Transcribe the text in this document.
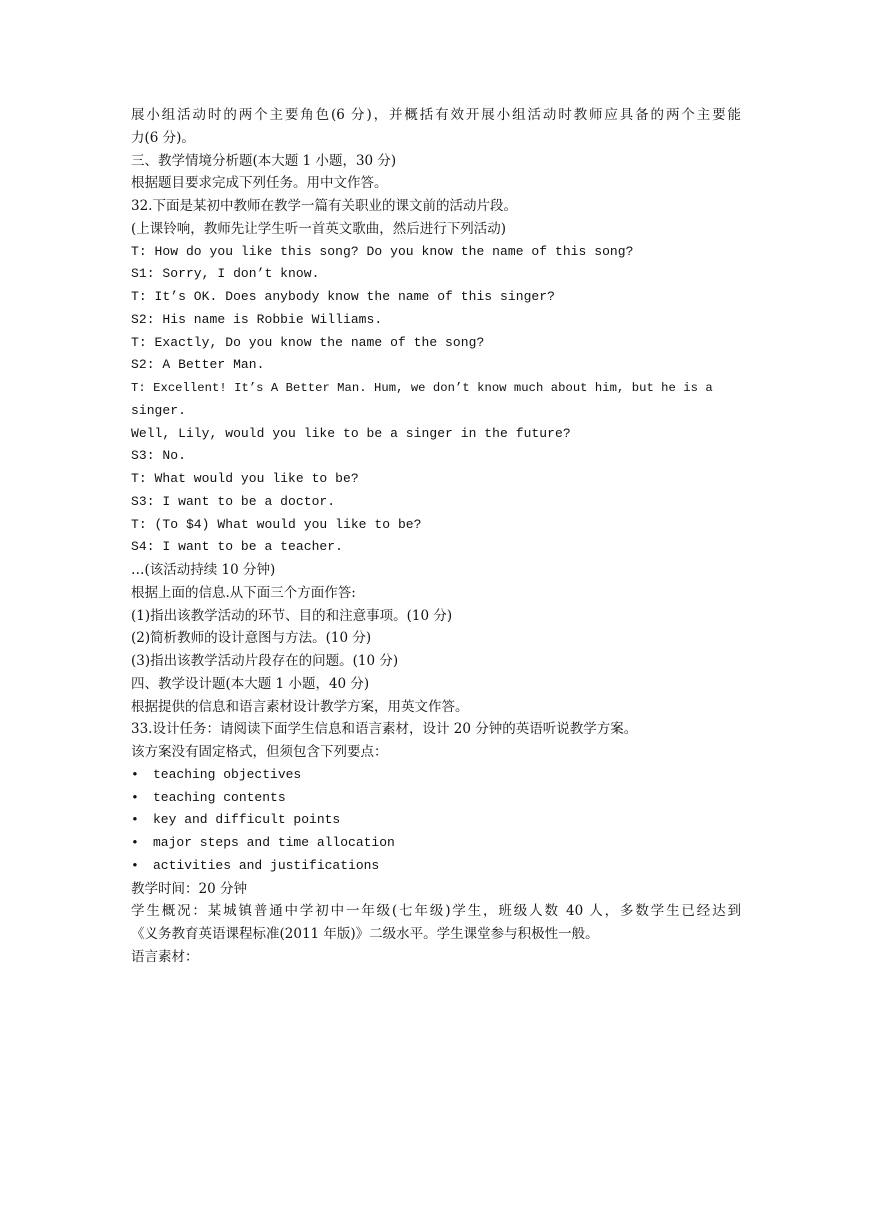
展小组活动时的两个主要角色(6 分)，并概括有效开展小组活动时教师应具备的两个主要能
力(6 分)。
三、教学情境分析题(本大题 1 小题，30 分)
根据题目要求完成下列任务。用中文作答。
32.下面是某初中教师在教学一篇有关职业的课文前的活动片段。
(上课铃响，教师先让学生听一首英文歌曲，然后进行下列活动)
T: How do you like this song? Do you know the name of this song?
S1: Sorry, I don’t know.
T: It’s OK. Does anybody know the name of this singer?
S2: His name is Robbie Williams.
T: Exactly, Do you know the name of the song?
S2: A Better Man.
T: Excellent! It’s A Better Man. Hum, we don’t know much about him, but he is a
singer.
Well, Lily, would you like to be a singer in the future?
S3: No.
T: What would you like to be?
S3: I want to be a doctor.
T: (To $4) What would you like to be?
S4: I want to be a teacher.
…(该活动持续 10 分钟)
根据上面的信息.从下面三个方面作答:
(1)指出该教学活动的环节、目的和注意事项。(10 分)
(2)简析教师的设计意图与方法。(10 分)
(3)指出该教学活动片段存在的问题。(10 分)
四、教学设计题(本大题 1 小题，40 分)
根据提供的信息和语言素材设计教学方案，用英文作答。
33.设计任务：请阅读下面学生信息和语言素材，设计 20 分钟的英语听说教学方案。
该方案没有固定格式，但须包含下列要点：
• teaching objectives
• teaching contents
• key and difficult points
• major steps and time allocation
• activities and justifications
教学时间：20 分钟
学生概况：某城镇普通中学初中一年级(七年级)学生，班级人数 40 人，多数学生已经达到
《义务教育英语课程标准(2011 年版)》二级水平。学生课堂参与积极性一般。
语言素材：
